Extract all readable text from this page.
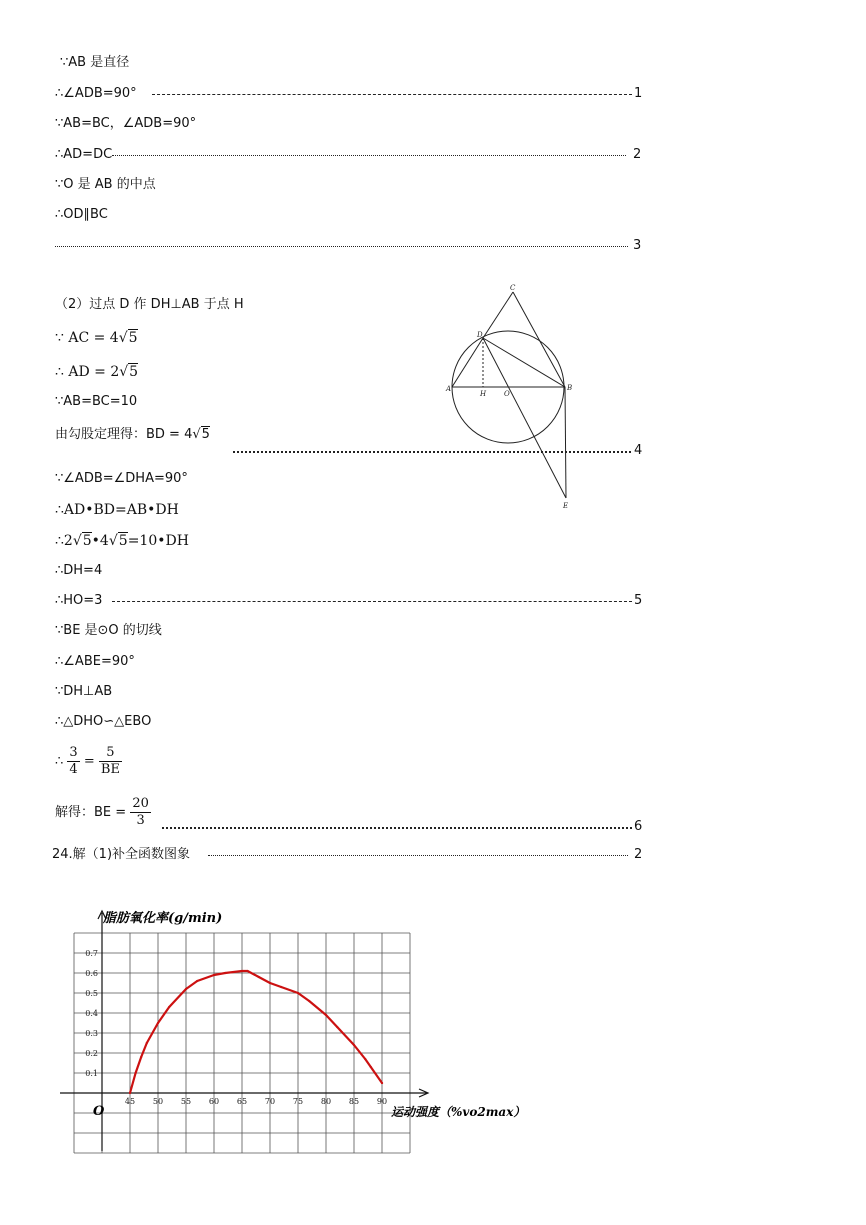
∵AB 是直径
∴∠ADB=90°	1
∵AB=BC，∠ADB=90°
∴AD=DC	2
∵O 是 AB 的中点
∴OD∥BC
3
（2）过点 D 作 DH⊥AB 于点 H
∵ AC = 4√5
∴ AD = 2√5
∵AB=BC=10
由勾股定理得：BD = 4√5
4
∵∠ADB=∠DHA=90°
∴AD•BD=AB•DH
∴2√5•4√5=10•DH
∴DH=4
∴HO=3	5
∵BE 是⊙O 的切线
∴∠ABE=90°
∵DH⊥AB
∴△DHO∽△EBO
∴ $\frac{3}{4} = \frac{5}{BE}$
解得：BE = $\frac{20}{3}$	6
24.解（1)补全函数图象	2
C
D
A
H	O
B
E
45 50 55 60 65 70 75 80 85 90
0.1
0.2
0.3
0.4
0.5
0.6
0.7
脂肪氧化率(g/min)
运动强度（%vo2max）
O
